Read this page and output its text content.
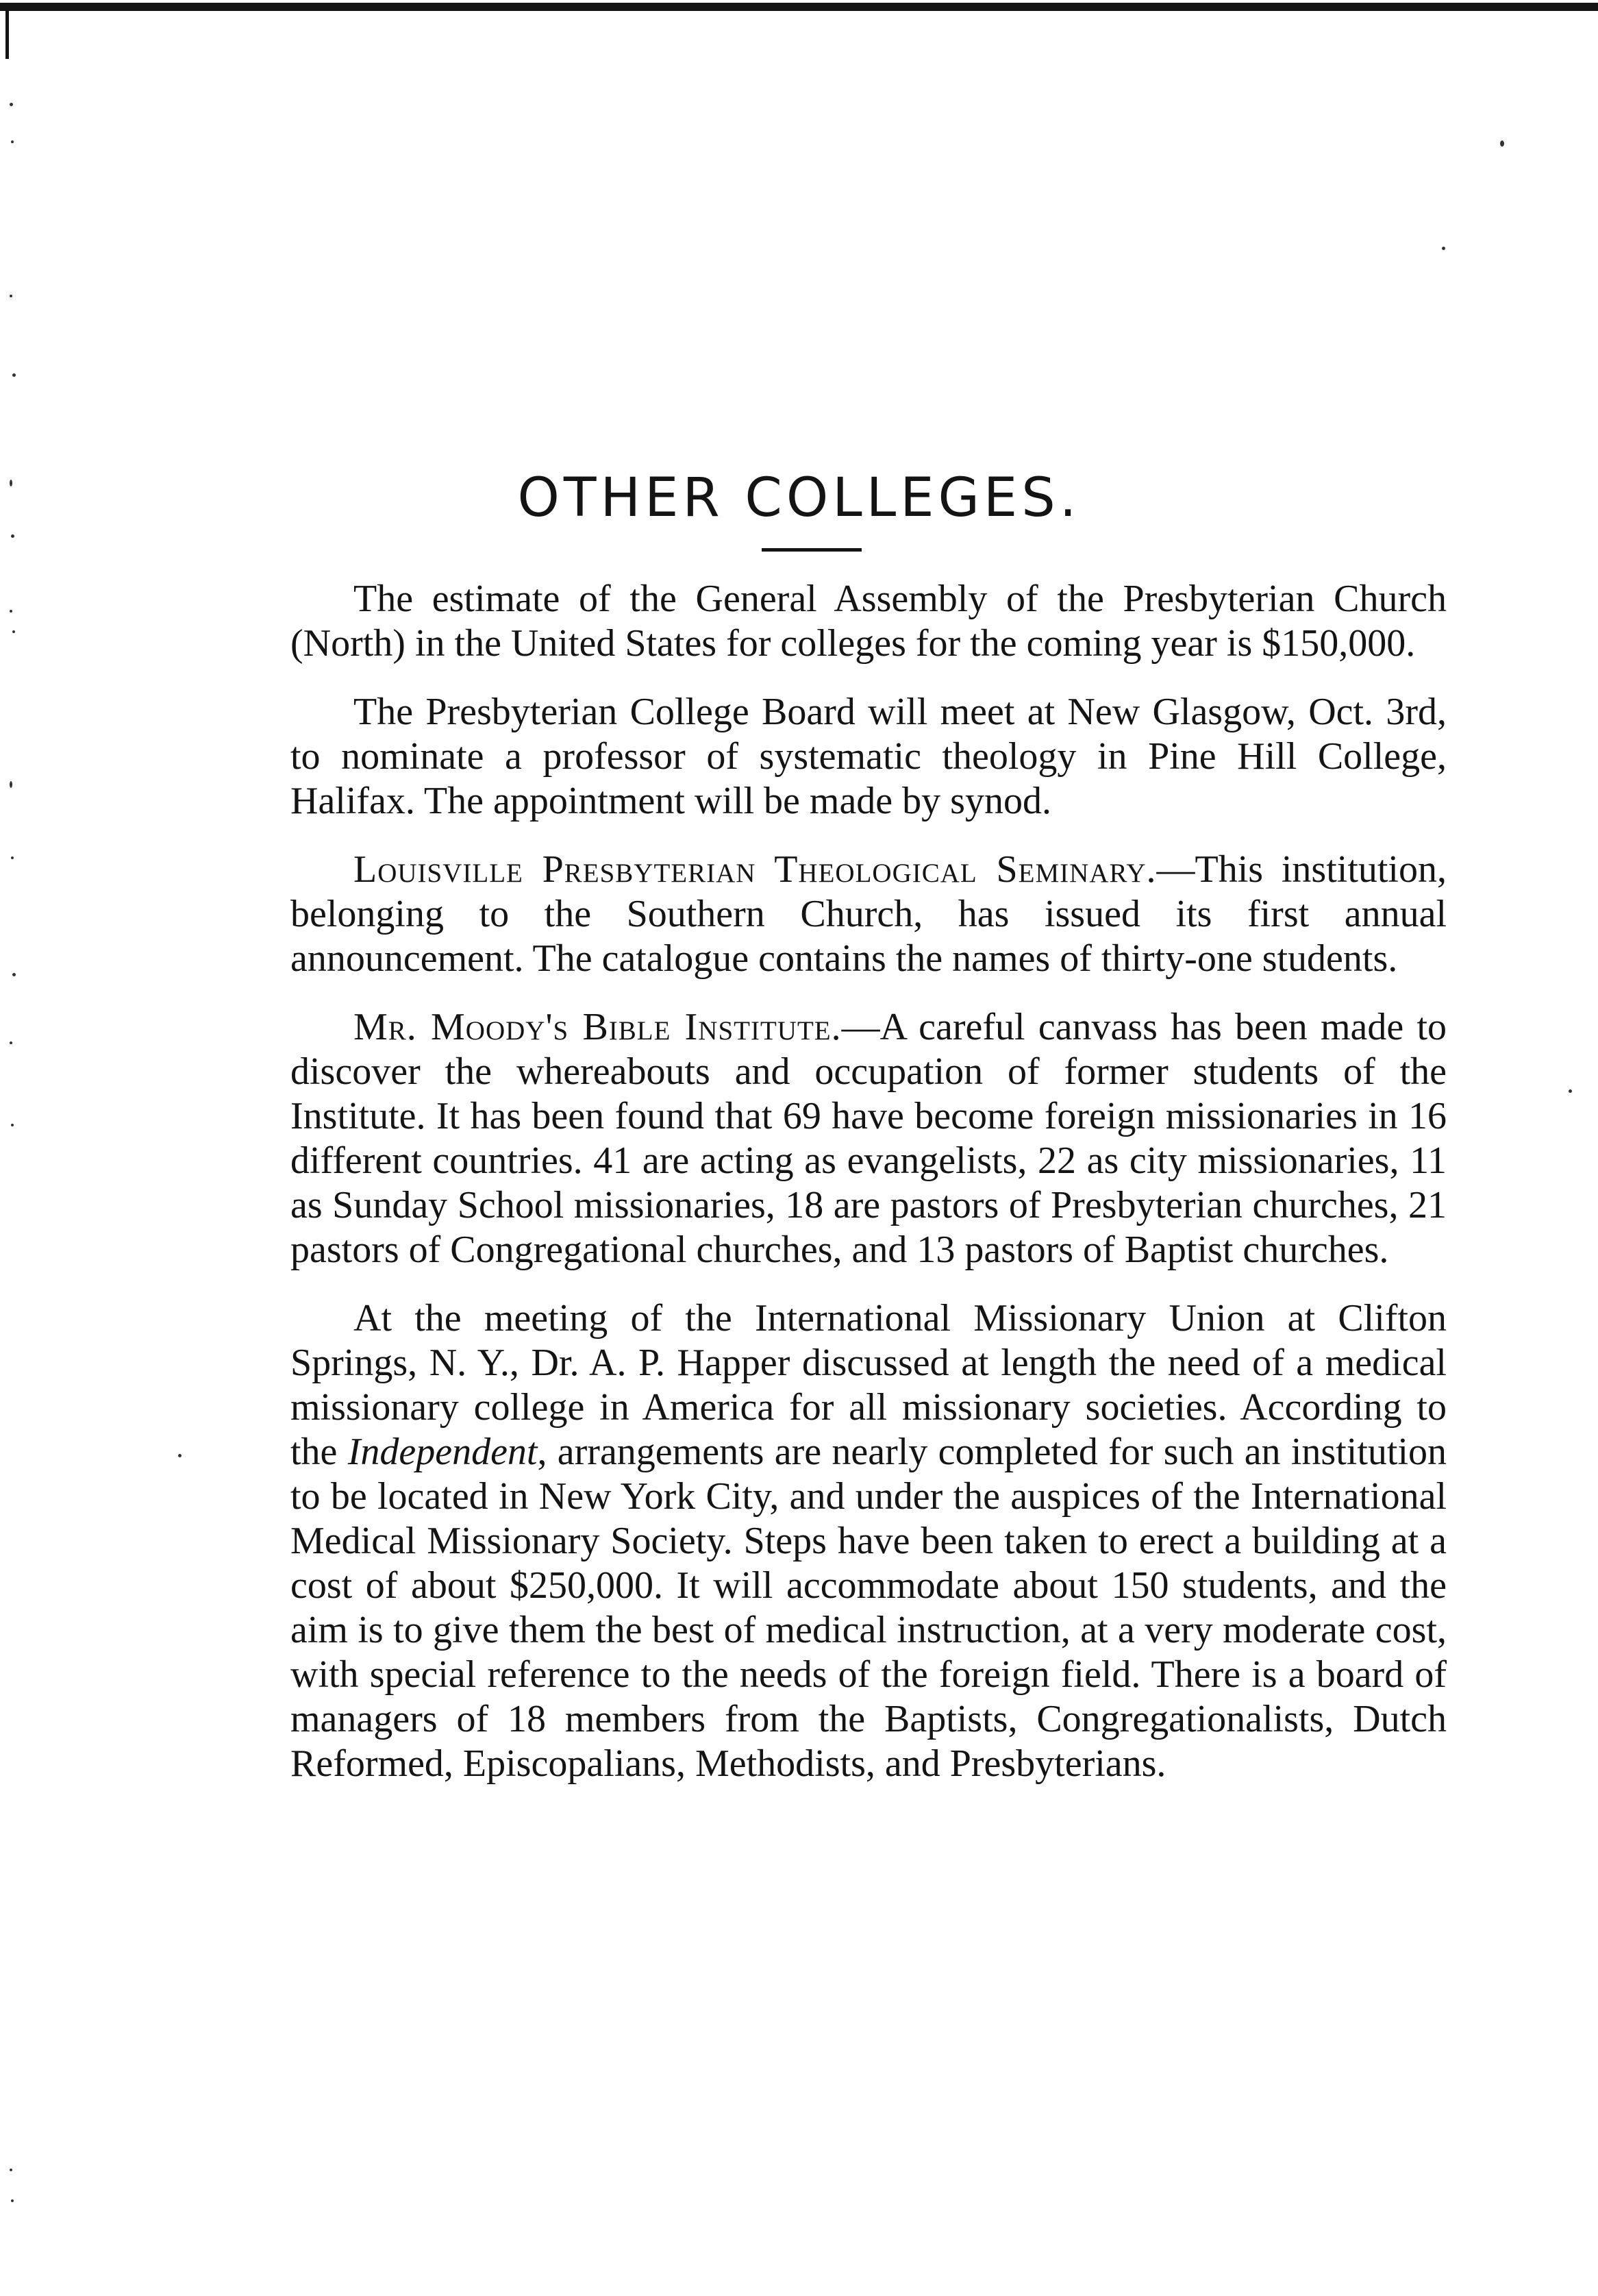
OTHER COLLEGES.

The estimate of the General Assembly of the Presbyterian Church (North) in the United States for colleges for the coming year is $150,000.

The Presbyterian College Board will meet at New Glasgow, Oct. 3rd, to nominate a professor of systematic theology in Pine Hill College, Halifax. The appointment will be made by synod.

Louisville Presbyterian Theological Seminary.—This institution, belonging to the Southern Church, has issued its first annual announcement. The catalogue contains the names of thirty-one students.

Mr. Moody's Bible Institute.—A careful canvass has been made to discover the whereabouts and occupation of former students of the Institute. It has been found that 69 have become foreign missionaries in 16 different countries. 41 are acting as evangelists, 22 as city missionaries, 11 as Sunday School missionaries, 18 are pastors of Presbyterian churches, 21 pastors of Congregational churches, and 13 pastors of Baptist churches.

At the meeting of the International Missionary Union at Clifton Springs, N. Y., Dr. A. P. Happer discussed at length the need of a medical missionary college in America for all missionary societies. According to the Independent, arrangements are nearly completed for such an institution to be located in New York City, and under the auspices of the International Medical Missionary Society. Steps have been taken to erect a building at a cost of about $250,000. It will accommodate about 150 students, and the aim is to give them the best of medical instruction, at a very moderate cost, with special reference to the needs of the foreign field. There is a board of managers of 18 members from the Baptists, Congregationalists, Dutch Reformed, Episcopalians, Methodists, and Presbyterians.
